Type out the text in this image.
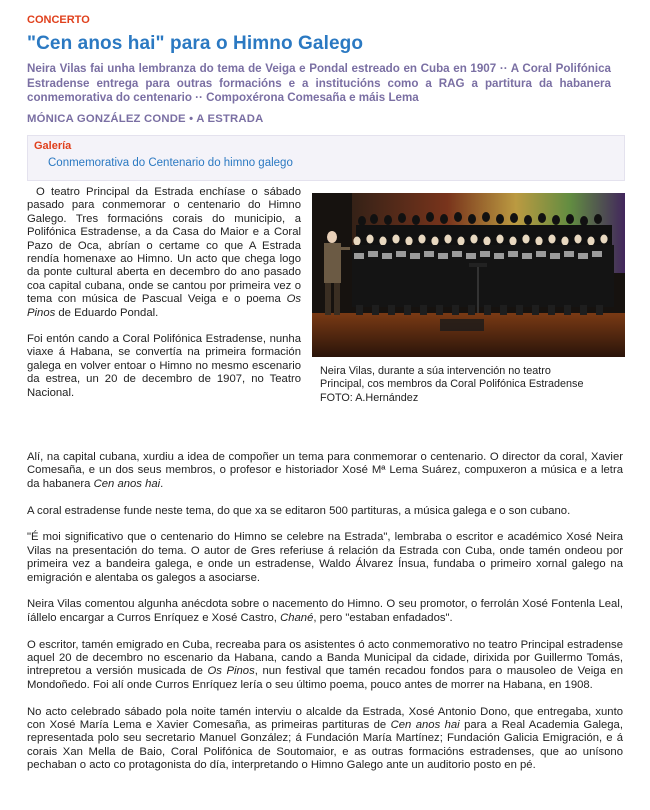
CONCERTO
"Cen anos hai" para o Himno Galego

Neira Vilas fai unha lembranza do tema de Veiga e Pondal estreado en Cuba en 1907 ·· A Coral Polifónica Estradense entrega para outras formacións e a institucións como a RAG a partitura da habanera conmemorativa do centenario ·· Compoxérona Comesaña e máis Lema

MÓNICA GONZÁLEZ CONDE • A ESTRADA
Galería
Conmemorativa do Centenario do himno galego

O teatro Principal da Estrada enchíase o sábado pasado para conmemorar o centenario do Himno Galego. Tres formacións corais do municipio, a Polifónica Estradense, a da Casa do Maior e a Coral Pazo de Oca, abrían o certame co que A Estrada rendía homenaxe ao Himno. Un acto que chega logo da ponte cultural aberta en decembro do ano pasado coa capital cubana, onde se cantou por primeira vez o tema con música de Pascual Veiga e o poema Os Pinos de Eduardo Pondal.

Foi entón cando a Coral Polifónica Estradense, nunha viaxe á Habana, se convertía na primeira formación galega en volver entoar o Himno no mesmo escenario da estrea, un 20 de decembro de 1907, no Teatro Nacional.

Neira Vilas, durante a súa intervención no teatro
Principal, cos membros da Coral Polifónica Estradense
FOTO: A.Hernández

Alí, na capital cubana, xurdiu a idea de compoñer un tema para conmemorar o centenario. O director da coral, Xavier Comesaña, e un dos seus membros, o profesor e historiador Xosé Mª Lema Suárez, compuxeron a música e a letra da habanera Cen anos hai.

A coral estradense funde neste tema, do que xa se editaron 500 partituras, a música galega e o son cubano.

"É moi significativo que o centenario do Himno se celebre na Estrada", lembraba o escritor e académico Xosé Neira Vilas na presentación do tema. O autor de Gres referiuse á relación da Estrada con Cuba, onde tamén ondeou por primeira vez a bandeira galega, e onde un estradense, Waldo Álvarez Ínsua, fundaba o primeiro xornal galego na emigración e alentaba os galegos a asociarse.

Neira Vilas comentou algunha anécdota sobre o nacemento do Himno. O seu promotor, o ferrolán Xosé Fontenla Leal, íállelo encargar a Curros Enríquez e Xosé Castro, Chané, pero "estaban enfadados".

O escritor, tamén emigrado en Cuba, recreaba para os asistentes ó acto conmemorativo no teatro Principal estradense aquel 20 de decembro no escenario da Habana, cando a Banda Municipal da cidade, dirixida por Guillermo Tomás, intrepretou a versión musicada de Os Pinos, nun festival que tamén recadou fondos para o mausoleo de Veiga en Mondoñedo. Foi alí onde Curros Enríquez lería o seu último poema, pouco antes de morrer na Habana, en 1908.

No acto celebrado sábado pola noite tamén interviu o alcalde da Estrada, Xosé Antonio Dono, que entregaba, xunto con Xosé María Lema e Xavier Comesaña, as primeiras partituras de Cen anos hai para a Real Academia Galega, representada polo seu secretario Manuel González; á Fundación María Martínez; Fundación Galicia Emigración, e á corais Xan Mella de Baio, Coral Polifónica de Soutomaior, e as outras formacións estradenses, que ao unísono pechaban o acto co protagonista do día, interpretando o Himno Galego ante un auditorio posto en pé.
